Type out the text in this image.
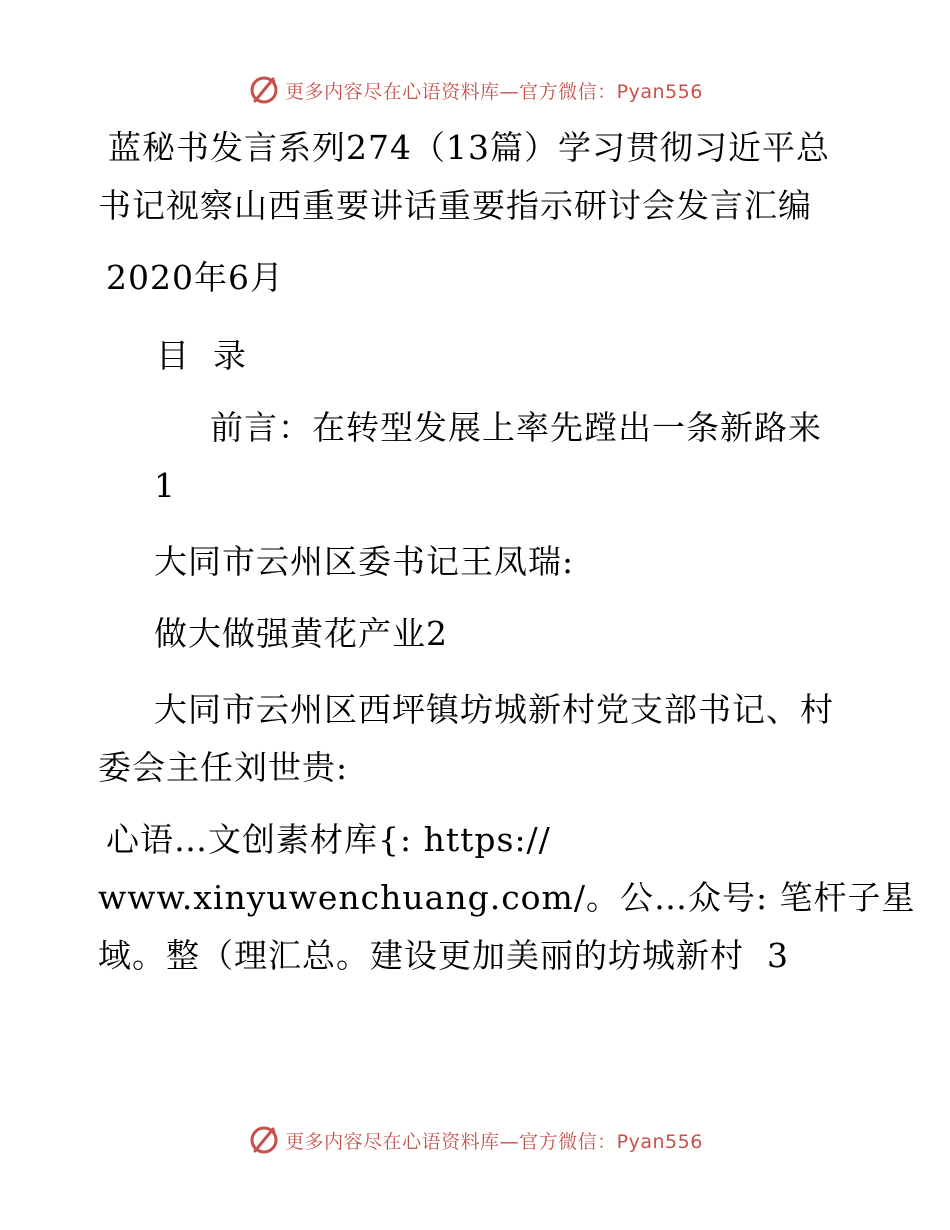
更多内容尽在心语资料库—官方微信：Pyan556
蓝秘书发言系列274（13篇）学习贯彻习近平总
书记视察山西重要讲话重要指示研讨会发言汇编
2020年6月
目  录
前言：在转型发展上率先蹚出一条新路来
1
大同市云州区委书记王凤瑞:
做大做强黄花产业2
大同市云州区西坪镇坊城新村党支部书记、村
委会主任刘世贵:
心语…文创素材库{: https://
www.xinyuwenchuang.com/。公…众号: 笔杆子星
域。整（理汇总。建设更加美丽的坊城新村  3
更多内容尽在心语资料库—官方微信：Pyan556
